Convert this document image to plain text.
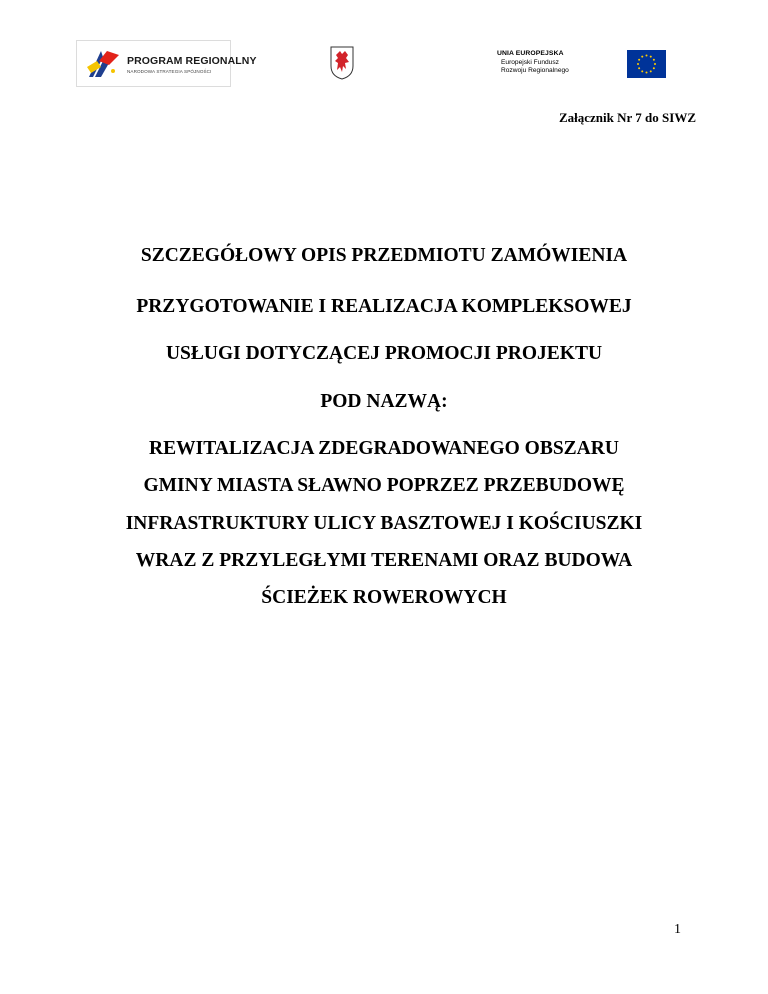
PROGRAM REGIONALNY
NARODOWA STRATEGIA SPÓJNOŚCI
UNIA EUROPEJSKA
Europejski Fundusz
Rozwoju Regionalnego
Załącznik Nr 7 do SIWZ
SZCZEGÓŁOWY OPIS PRZEDMIOTU ZAMÓWIENIA
PRZYGOTOWANIE I REALIZACJA KOMPLEKSOWEJ
USŁUGI DOTYCZĄCEJ PROMOCJI PROJEKTU
POD NAZWĄ:
REWITALIZACJA ZDEGRADOWANEGO OBSZARU
GMINY MIASTA SŁAWNO POPRZEZ PRZEBUDOWĘ
INFRASTRUKTURY ULICY BASZTOWEJ I KOŚCIUSZKI
WRAZ Z PRZYLEGŁYMI TERENAMI ORAZ BUDOWA
ŚCIEŻEK ROWEROWYCH
1
